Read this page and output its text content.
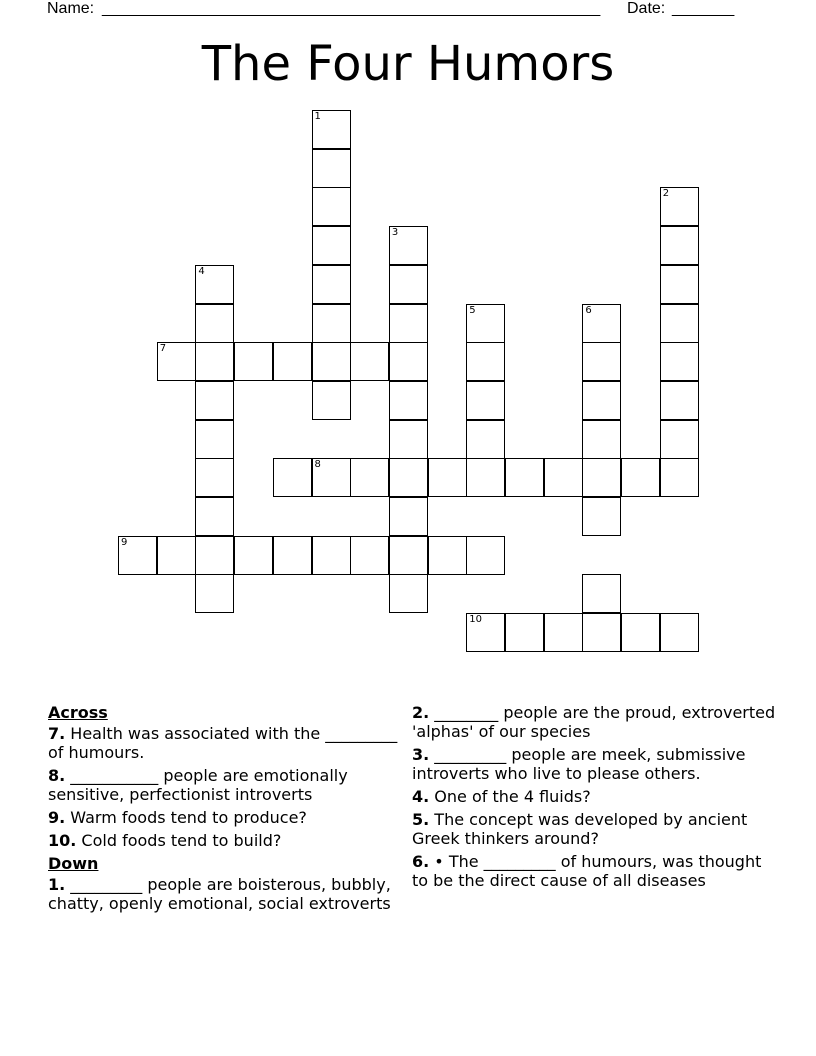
Name: ________________________________________________________ Date: _______
The Four Humors
1
2
3
4
5	6
7
8
9
10
Across
7. Health was associated with the _________ of humours.
8. ___________ people are emotionally sensitive, perfectionist introverts
9. Warm foods tend to produce?
10. Cold foods tend to build?
Down
1. _________ people are boisterous, bubbly, chatty, openly emotional, social extroverts
2. ________ people are the proud, extroverted 'alphas' of our species
3. _________ people are meek, submissive introverts who live to please others.
4. One of the 4 fluids?
5. The concept was developed by ancient Greek thinkers around?
6. • The _________ of humours, was thought to be the direct cause of all diseases
